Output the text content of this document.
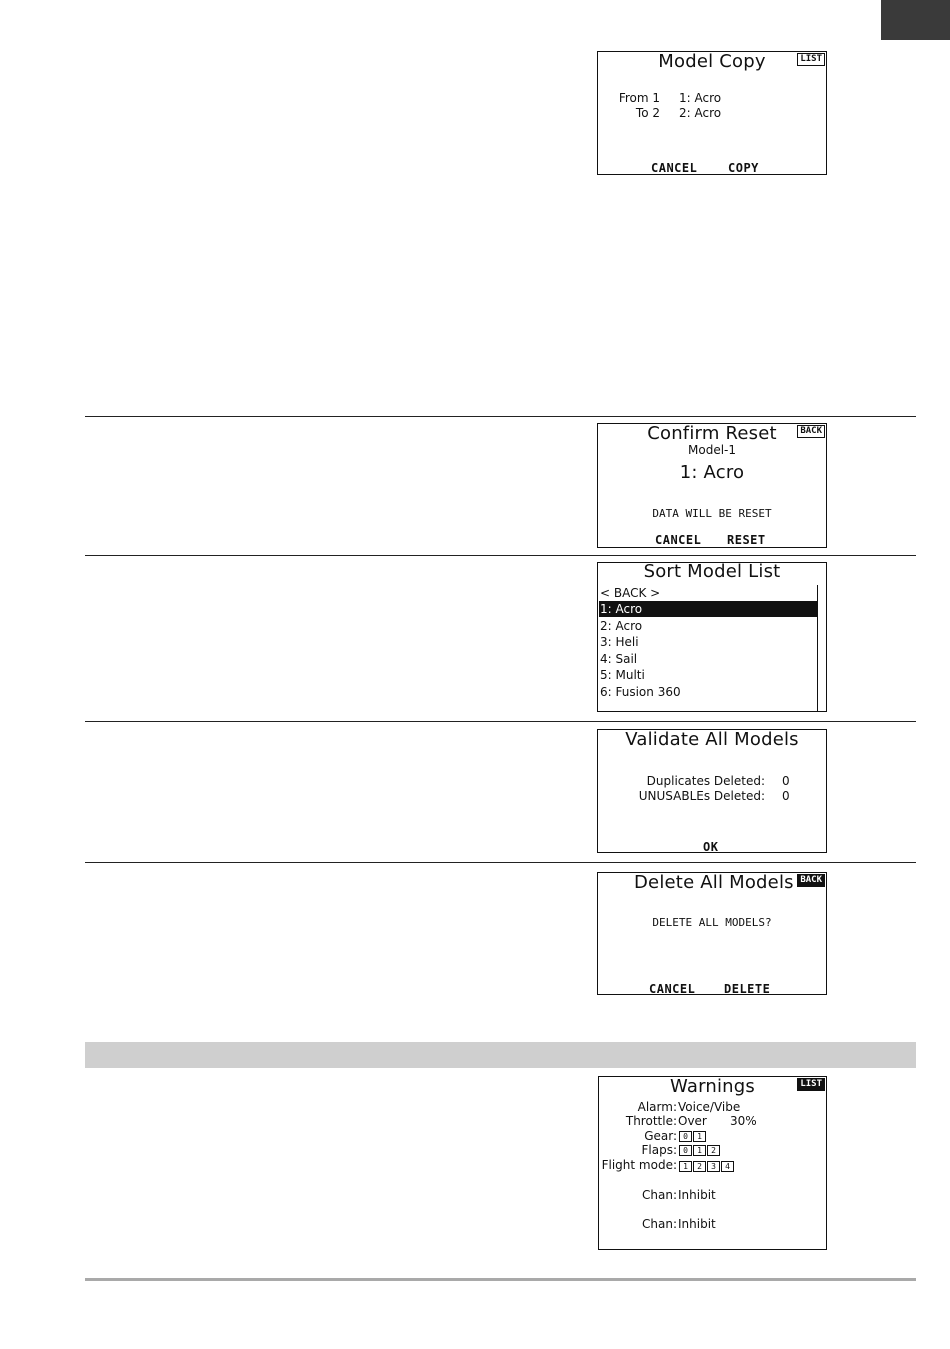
Model Copy	LIST
From 1 1: Acro
To 2 2: Acro
CANCEL	COPY
Confirm Reset	BACK
Model-1
1: Acro
DATA WILL BE RESET
CANCEL RESET
Sort Model List
< BACK >
1: Acro
2: Acro
3: Heli
4: Sail
5: Multi
6: Fusion 360
Validate All Models
Duplicates Deleted: 0
UNUSABLEs Deleted: 0
OK
Delete All Models BACK
DELETE ALL MODELS?
CANCEL DELETE
Warnings	LIST
Alarm: Voice/Vibe
Throttle: Over 30%
Gear: 0	1
Flaps: 0	1	2
Flight mode: 1	2	3	4
Chan: Inhibit
Chan: Inhibit
